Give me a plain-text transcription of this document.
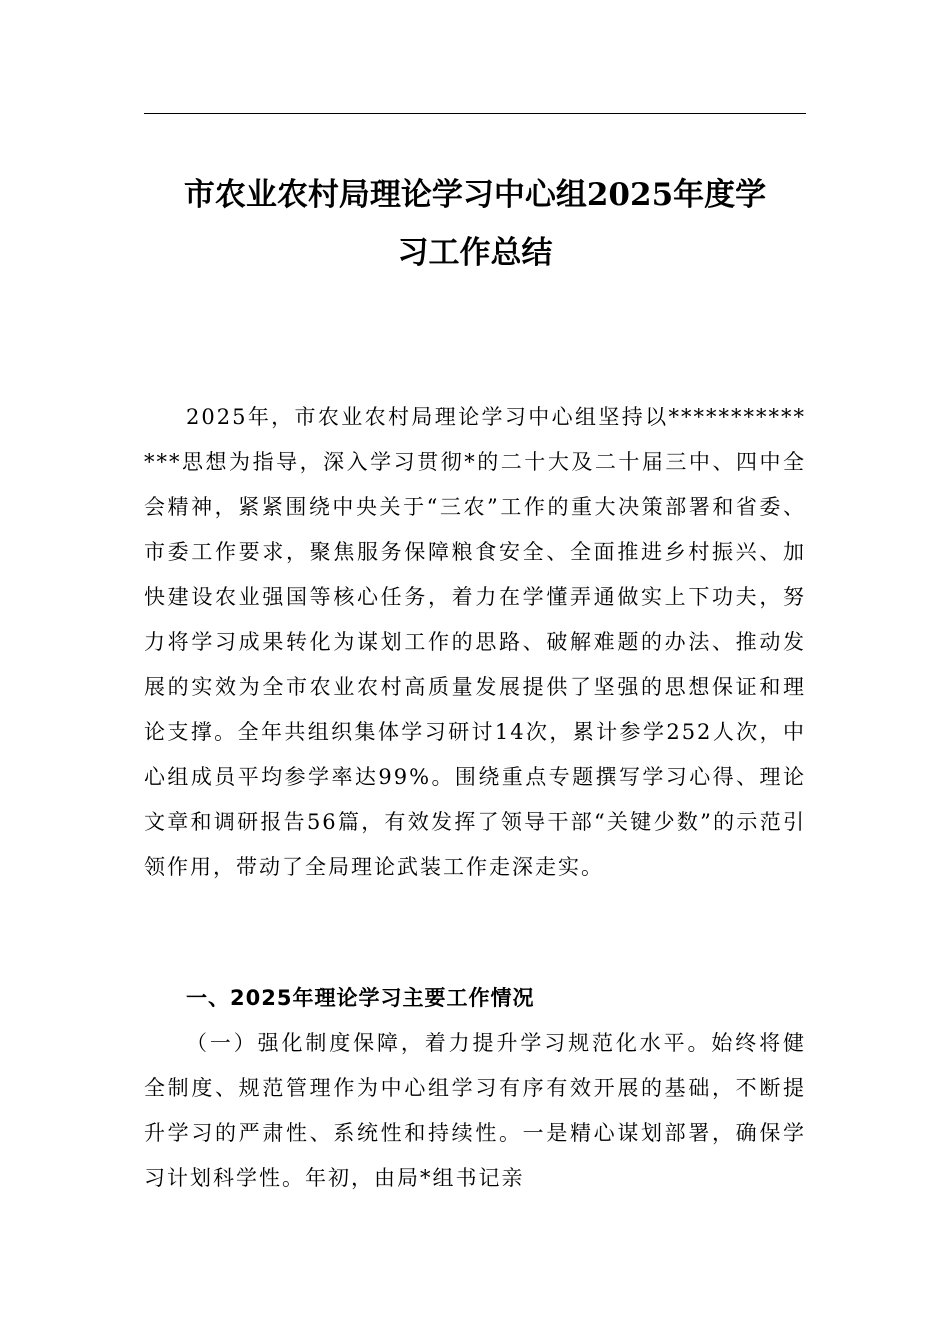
市农业农村局理论学习中心组2025年度学
习工作总结

2025年，市农业农村局理论学习中心组坚持以**************思想为指导，深入学习贯彻*的二十大及二十届三中、四中全会精神，紧紧围绕中央关于“三农”工作的重大决策部署和省委、市委工作要求，聚焦服务保障粮食安全、全面推进乡村振兴、加快建设农业强国等核心任务，着力在学懂弄通做实上下功夫，努力将学习成果转化为谋划工作的思路、破解难题的办法、推动发展的实效为全市农业农村高质量发展提供了坚强的思想保证和理论支撑。全年共组织集体学习研讨14次，累计参学252人次，中心组成员平均参学率达99%。围绕重点专题撰写学习心得、理论文章和调研报告56篇，有效发挥了领导干部“关键少数”的示范引领作用，带动了全局理论武装工作走深走实。

一、2025年理论学习主要工作情况

（一）强化制度保障，着力提升学习规范化水平。始终将健全制度、规范管理作为中心组学习有序有效开展的基础，不断提升学习的严肃性、系统性和持续性。一是精心谋划部署，确保学习计划科学性。年初，由局*组书记亲
